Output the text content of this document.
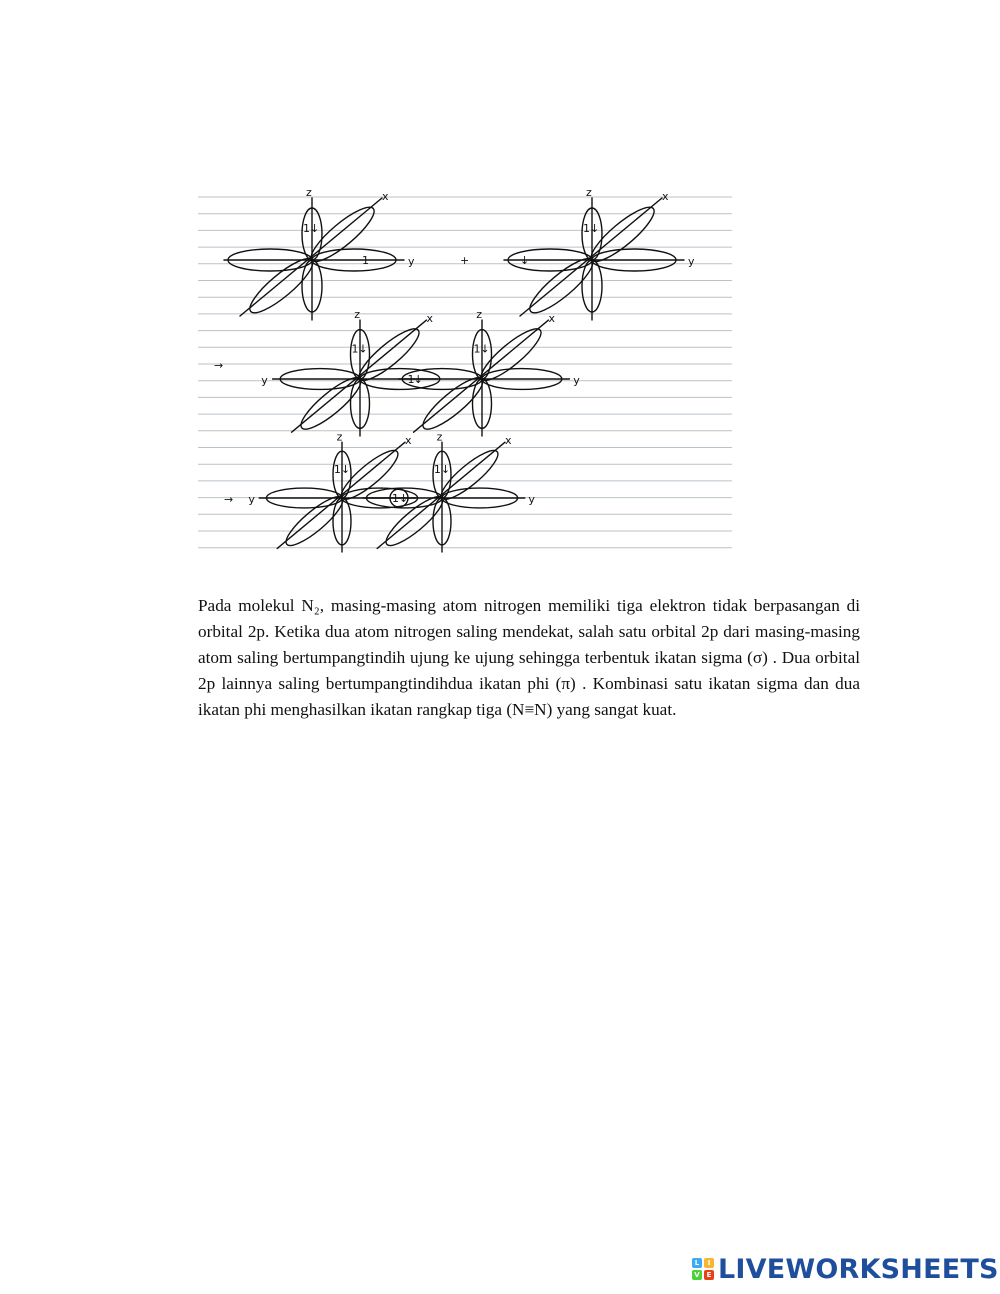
z	x
y
1↓
1	+
z	x
y
1↓
↓
→
z	x
y
1↓
1
z	x
y
1↓
↓
→
z	x
y
1↓
z	x
y
1↓
1↓

Pada molekul N₂, masing-masing atom nitrogen memiliki tiga elektron tidak berpasangan di orbital 2p. Ketika dua atom nitrogen saling mendekat, salah satu orbital 2p dari masing-masing atom saling bertumpangtindih ujung ke ujung sehingga terbentuk ikatan sigma (σ) . Dua orbital 2p lainnya saling bertumpangtindihdua ikatan phi (π) . Kombinasi satu ikatan sigma dan dua ikatan phi menghasilkan ikatan rangkap tiga (N≡N) yang sangat kuat.

L	I
V E LIVEWORKSHEETS
